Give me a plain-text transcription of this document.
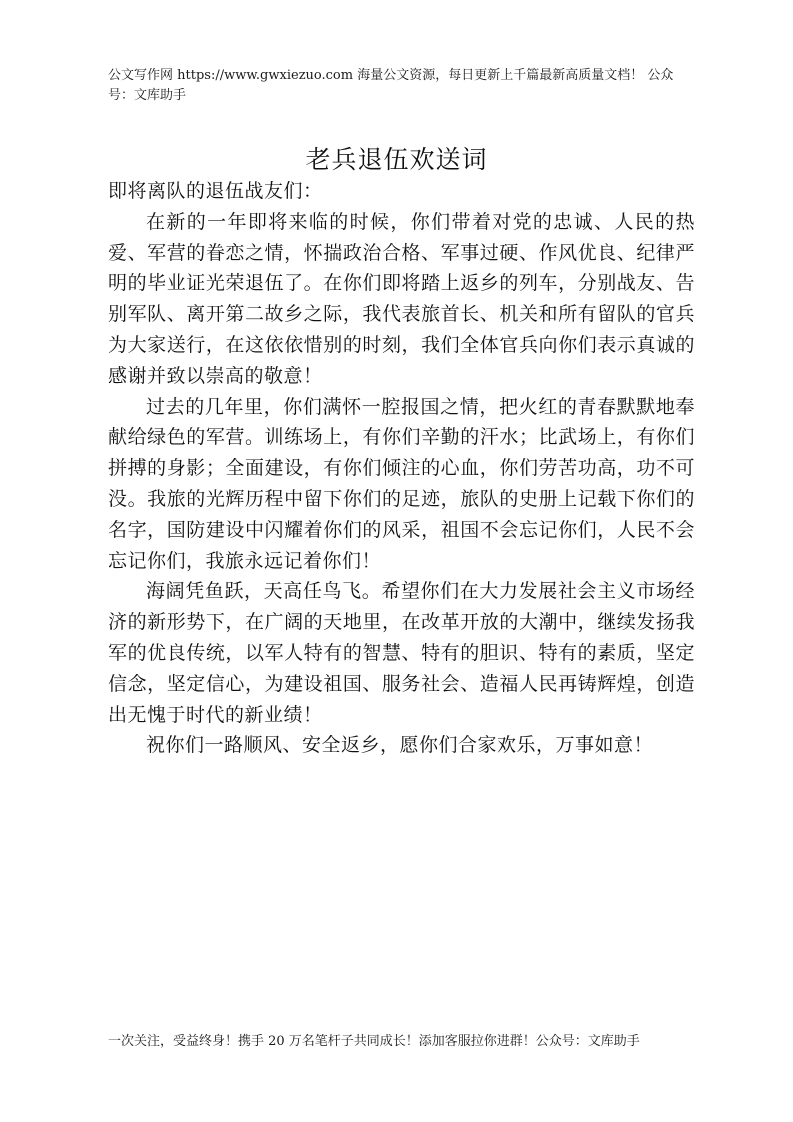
公文写作网 https://www.gwxiezuo.com 海量公文资源，每日更新上千篇最新高质量文档！ 公众号：文库助手

老兵退伍欢送词

即将离队的退伍战友们：

在新的一年即将来临的时候，你们带着对党的忠诚、人民的热爱、军营的眷恋之情，怀揣政治合格、军事过硬、作风优良、纪律严明的毕业证光荣退伍了。在你们即将踏上返乡的列车，分别战友、告别军队、离开第二故乡之际，我代表旅首长、机关和所有留队的官兵为大家送行，在这依依惜别的时刻，我们全体官兵向你们表示真诚的感谢并致以崇高的敬意！

过去的几年里，你们满怀一腔报国之情，把火红的青春默默地奉献给绿色的军营。训练场上，有你们辛勤的汗水；比武场上，有你们拼搏的身影；全面建设，有你们倾注的心血，你们劳苦功高，功不可没。我旅的光辉历程中留下你们的足迹，旅队的史册上记载下你们的名字，国防建设中闪耀着你们的风采，祖国不会忘记你们，人民不会忘记你们，我旅永远记着你们！

海阔凭鱼跃，天高任鸟飞。希望你们在大力发展社会主义市场经济的新形势下，在广阔的天地里，在改革开放的大潮中，继续发扬我军的优良传统，以军人特有的智慧、特有的胆识、特有的素质，坚定信念，坚定信心，为建设祖国、服务社会、造福人民再铸辉煌，创造出无愧于时代的新业绩！

祝你们一路顺风、安全返乡，愿你们合家欢乐，万事如意！

一次关注，受益终身！携手 20 万名笔杆子共同成长！添加客服拉你进群！公众号：文库助手
